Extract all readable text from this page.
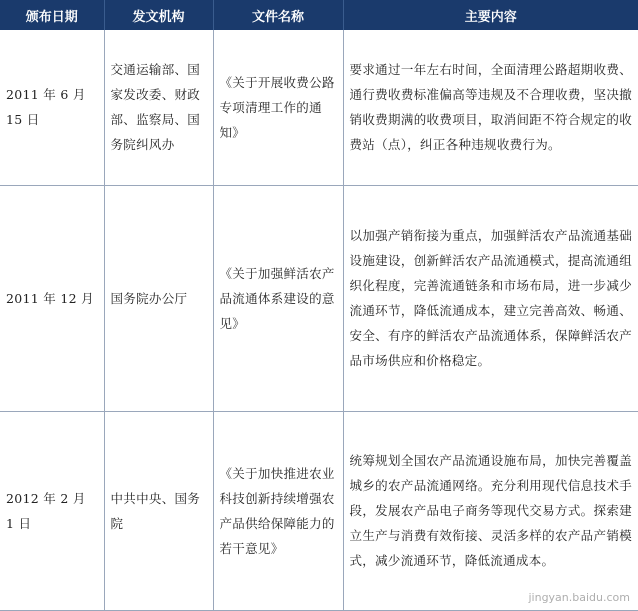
颁布日期	发文机构	文件名称	主要内容
2011 年 6 月 15 日	交通运输部、国家发改委、财政部、监察局、国务院纠风办	《关于开展收费公路专项清理工作的通知》	要求通过一年左右时间，全面清理公路超期收费、通行费收费标准偏高等违规及不合理收费，坚决撤销收费期满的收费项目，取消间距不符合规定的收费站（点），纠正各种违规收费行为。
2011 年 12 月	国务院办公厅	《关于加强鲜活农产品流通体系建设的意见》	以加强产销衔接为重点，加强鲜活农产品流通基础设施建设，创新鲜活农产品流通模式，提高流通组织化程度，完善流通链条和市场布局，进一步减少流通环节，降低流通成本，建立完善高效、畅通、安全、有序的鲜活农产品流通体系，保障鲜活农产品市场供应和价格稳定。
2012 年 2 月 1 日	中共中央、国务院	《关于加快推进农业科技创新持续增强农产品供给保障能力的若干意见》	统筹规划全国农产品流通设施布局，加快完善覆盖城乡的农产品流通网络。充分利用现代信息技术手段，发展农产品电子商务等现代交易方式。探索建立生产与消费有效衔接、灵活多样的农产品产销模式，减少流通环节，降低流通成本。
jingyan.baidu.com
